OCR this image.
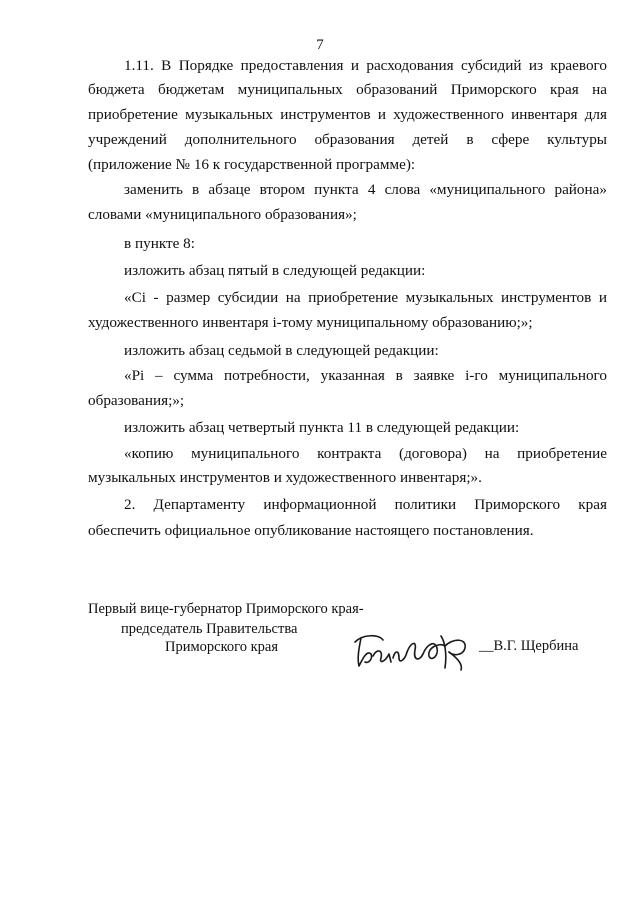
7
1.11. В Порядке предоставления и расходования субсидий из краевого
бюджета бюджетам муниципальных образований Приморского края на
приобретение музыкальных инструментов и художественного инвентаря для
учреждений дополнительного образования детей в сфере культуры
(приложение № 16 к государственной программе):
заменить в абзаце втором пункта 4 слова «муниципального района»
словами «муниципального образования»;
в пункте 8:
изложить абзац пятый в следующей редакции:
«Ci - размер субсидии на приобретение музыкальных инструментов и
художественного инвентаря i-тому муниципальному образованию;»;
изложить абзац седьмой в следующей редакции:
«Pi – сумма потребности, указанная в заявке i-го муниципального
образования;»;
изложить абзац четвертый пункта 11 в следующей редакции:
«копию муниципального контракта (договора) на приобретение
музыкальных инструментов и художественного инвентаря;».
2. Департаменту информационной политики Приморского края
обеспечить официальное опубликование настоящего постановления.
Первый вице-губернатор Приморского края-
председатель Правительства
Приморского края	__В.Г. Щербина
